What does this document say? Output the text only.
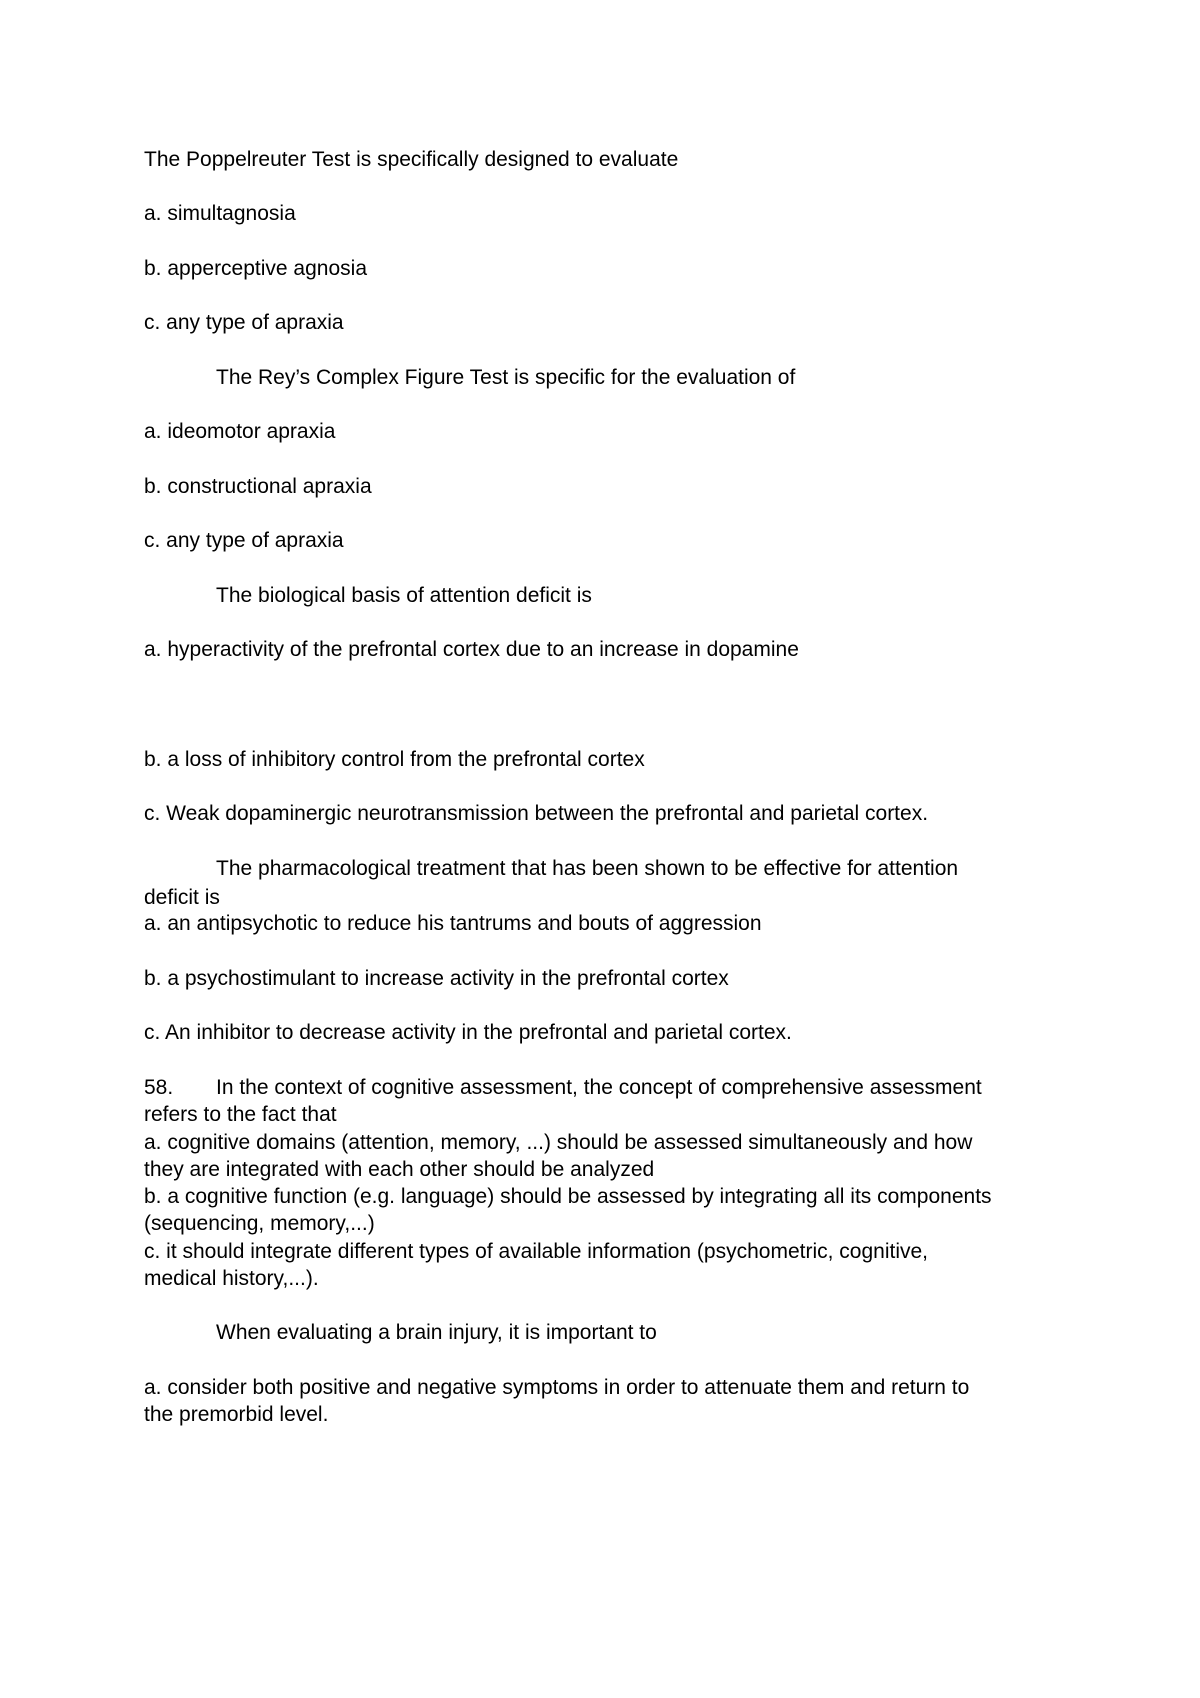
The Poppelreuter Test is specifically designed to evaluate

a. simultagnosia

b. apperceptive agnosia

c. any type of apraxia

The Rey’s Complex Figure Test is specific for the evaluation of

a. ideomotor apraxia

b. constructional apraxia

c. any type of apraxia

The biological basis of attention deficit is

a. hyperactivity of the prefrontal cortex due to an increase in dopamine

b. a loss of inhibitory control from the prefrontal cortex

c. Weak dopaminergic neurotransmission between the prefrontal and parietal cortex.

The pharmacological treatment that has been shown to be effective for attention

deficit is

a. an antipsychotic to reduce his tantrums and bouts of aggression

b. a psychostimulant to increase activity in the prefrontal cortex

c. An inhibitor to decrease activity in the prefrontal and parietal cortex.

58. In the context of cognitive assessment, the concept of comprehensive assessment

refers to the fact that

a. cognitive domains (attention, memory, ...) should be assessed simultaneously and how

they are integrated with each other should be analyzed

b. a cognitive function (e.g. language) should be assessed by integrating all its components

(sequencing, memory,...)

c. it should integrate different types of available information (psychometric, cognitive,

medical history,...).

When evaluating a brain injury, it is important to

a. consider both positive and negative symptoms in order to attenuate them and return to

the premorbid level.
